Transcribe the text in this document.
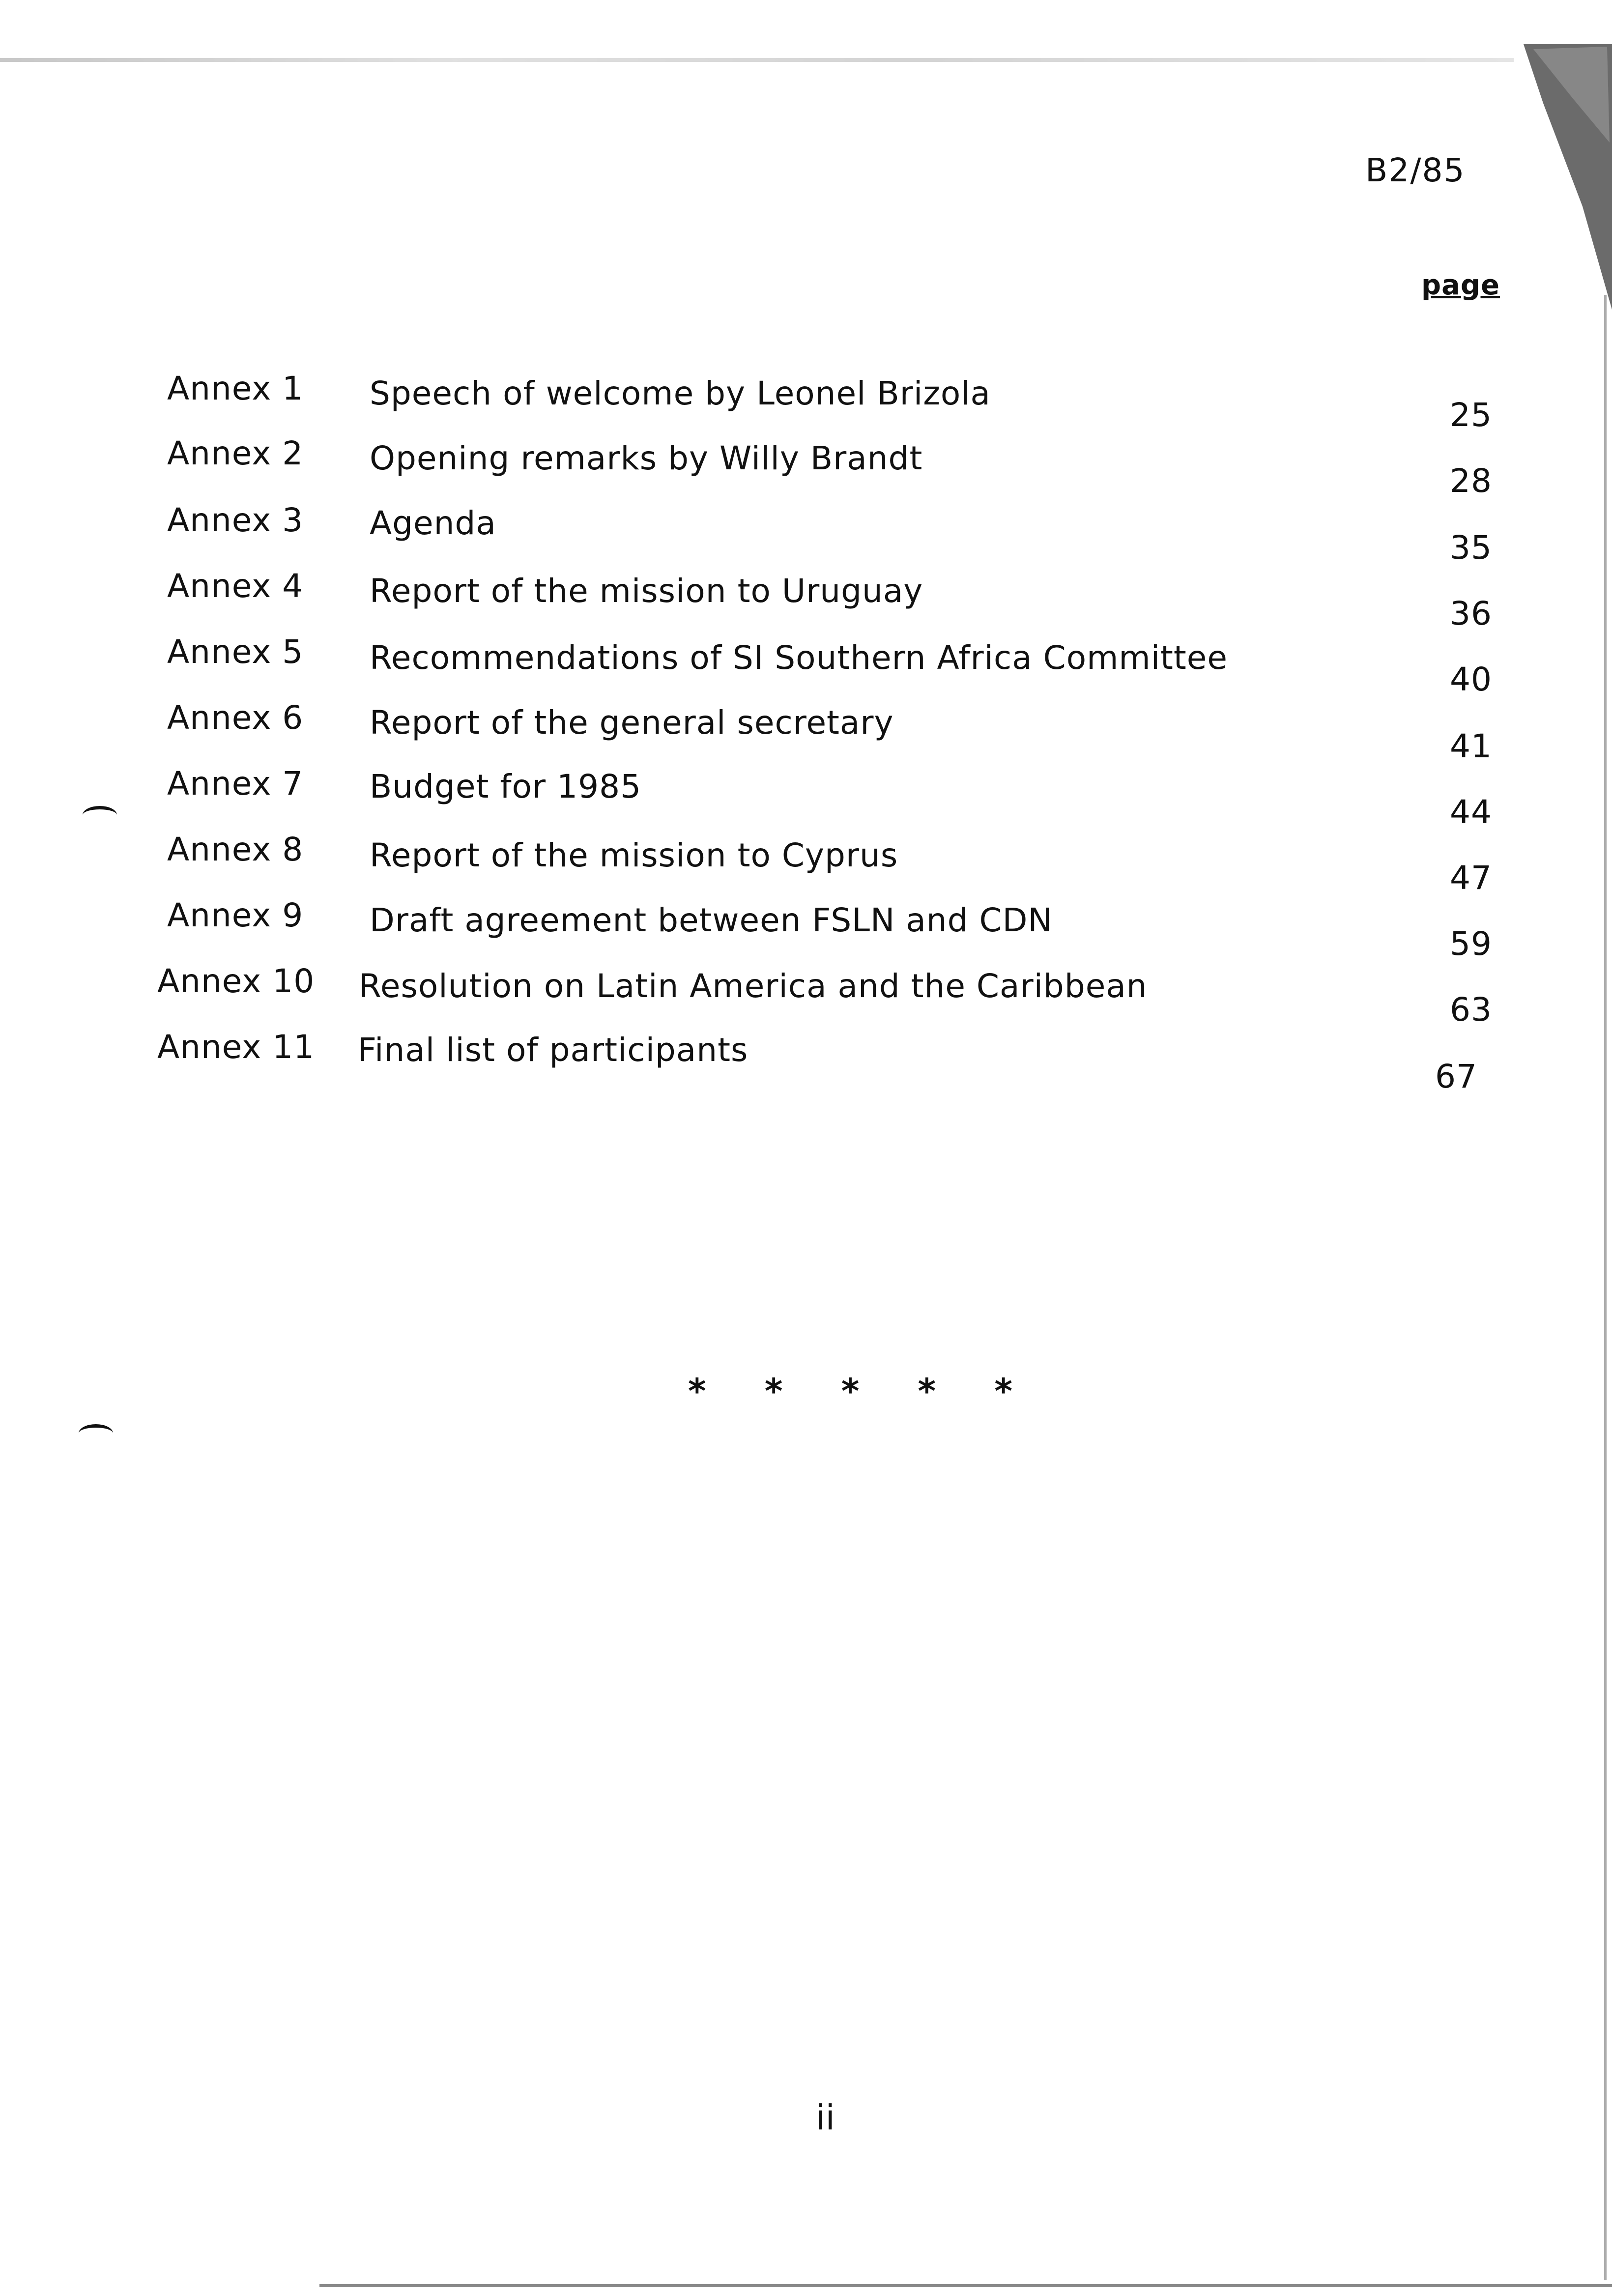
B2/85
page
Annex 1 Speech of welcome by Leonel Brizola
25
Annex 2 Opening remarks by Willy Brandt
28
Annex 3 Agenda
35
Annex 4 Report of the mission to Uruguay
36
Annex 5 Recommendations of SI Southern Africa Committee
40
Annex 6 Report of the general secretary
41
Annex 7 Budget for 1985
44
Annex 8 Report of the mission to Cyprus
47
Annex 9 Draft agreement between FSLN and CDN
59
Annex 10 Resolution on Latin America and the Caribbean
63
Annex 11 Final list of participants
67
* * * * *
ii
